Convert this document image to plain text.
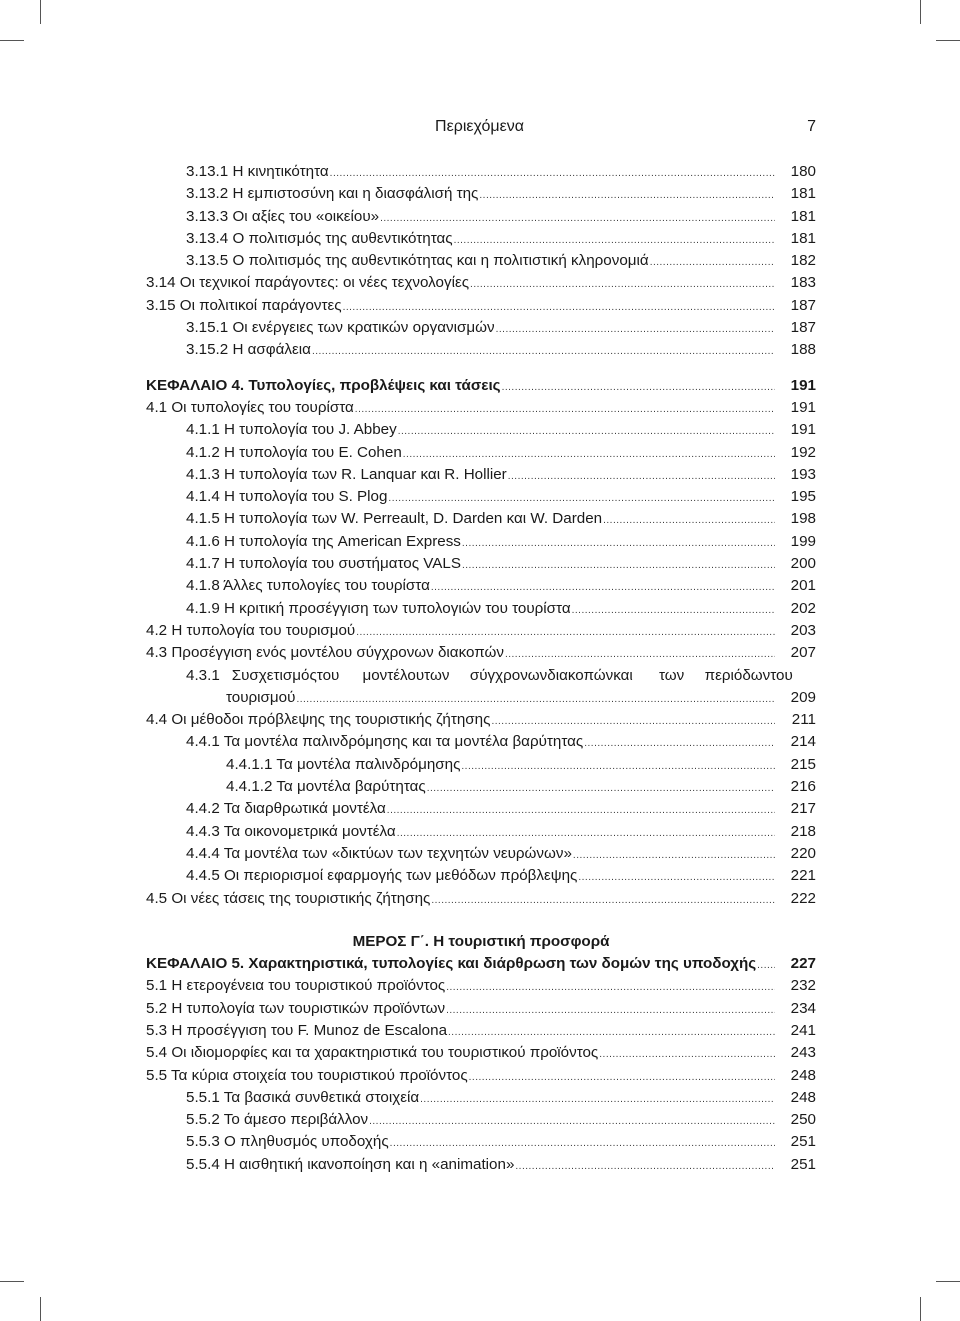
Περιεχόμενα	7
3.13.1 Η κινητικότητα .....	180
3.13.2 Η εμπιστοσύνη και η διασφάλισή της .....	181
3.13.3 Οι αξίες του «οικείου» .....	181
3.13.4 Ο πολιτισμός της αυθεντικότητας .....	181
3.13.5 Ο πολιτισμός της αυθεντικότητας και η πολιτιστική κληρονομιά .....	182
3.14 Οι τεχνικοί παράγοντες: οι νέες τεχνολογίες .....	183
3.15 Οι πολιτικοί παράγοντες .....	187
3.15.1 Οι ενέργειες των κρατικών οργανισμών .....	187
3.15.2 Η ασφάλεια .....	188
ΚΕΦΑΛΑΙΟ 4. Τυπολογίες, προβλέψεις και τάσεις .....	191
4.1 Οι τυπολογίες του τουρίστα .....	191
4.1.1 Η τυπολογία του J. Abbey .....	191
4.1.2 Η τυπολογία του E. Cohen .....	192
4.1.3 Η τυπολογία των R. Lanquar και R. Hollier .....	193
4.1.4 Η τυπολογία του S. Plog .....	195
4.1.5 Η τυπολογία των W. Perreault, D. Darden και W. Darden .....	198
4.1.6 Η τυπολογία της American Express .....	199
4.1.7 Η τυπολογία του συστήματος VALS .....	200
4.1.8 Άλλες τυπολογίες του τουρίστα .....	201
4.1.9 Η κριτική προσέγγιση των τυπολογιών του τουρίστα .....	202
4.2 Η τυπολογία του τουρισμού .....	203
4.3 Προσέγγιση ενός μοντέλου σύγχρονων διακοπών .....	207
4.3.1 Συσχετισμός του	μοντέλου των	σύγχρονων διακοπών και	των	περιόδων του
τουρισμού .....	209
4.4 Οι μέθοδοι πρόβλεψης της τουριστικής ζήτησης .....	211
4.4.1 Τα μοντέλα παλινδρόμησης και τα μοντέλα βαρύτητας .....	214
4.4.1.1 Τα μοντέλα παλινδρόμησης .....	215
4.4.1.2 Τα μοντέλα βαρύτητας .....	216
4.4.2 Τα διαρθρωτικά μοντέλα .....	217
4.4.3 Τα οικονομετρικά μοντέλα .....	218
4.4.4 Τα μοντέλα των «δικτύων των τεχνητών νευρώνων» .....	220
4.4.5 Οι περιορισμοί εφαρμογής των μεθόδων πρόβλεψης .....	221
4.5 Οι νέες τάσεις της τουριστικής ζήτησης .....	222
ΜΕΡΟΣ Γ΄. Η τουριστική προσφορά
ΚΕΦΑΛΑΙΟ 5. Χαρακτηριστικά, τυπολογίες και διάρθρωση των δομών της υποδοχής .....	227
5.1 Η ετερογένεια του τουριστικού προϊόντος .....	232
5.2 Η τυπολογία των τουριστικών προϊόντων .....	234
5.3 Η προσέγγιση του F. Munoz de Escalona .....	241
5.4 Οι ιδιομορφίες και τα χαρακτηριστικά του τουριστικού προϊόντος .....	243
5.5 Τα κύρια στοιχεία του τουριστικού προϊόντος .....	248
5.5.1 Τα βασικά συνθετικά στοιχεία .....	248
5.5.2 Το άμεσο περιβάλλον .....	250
5.5.3 Ο πληθυσμός υποδοχής .....	251
5.5.4 Η αισθητική ικανοποίηση και η «animation» .....	251
